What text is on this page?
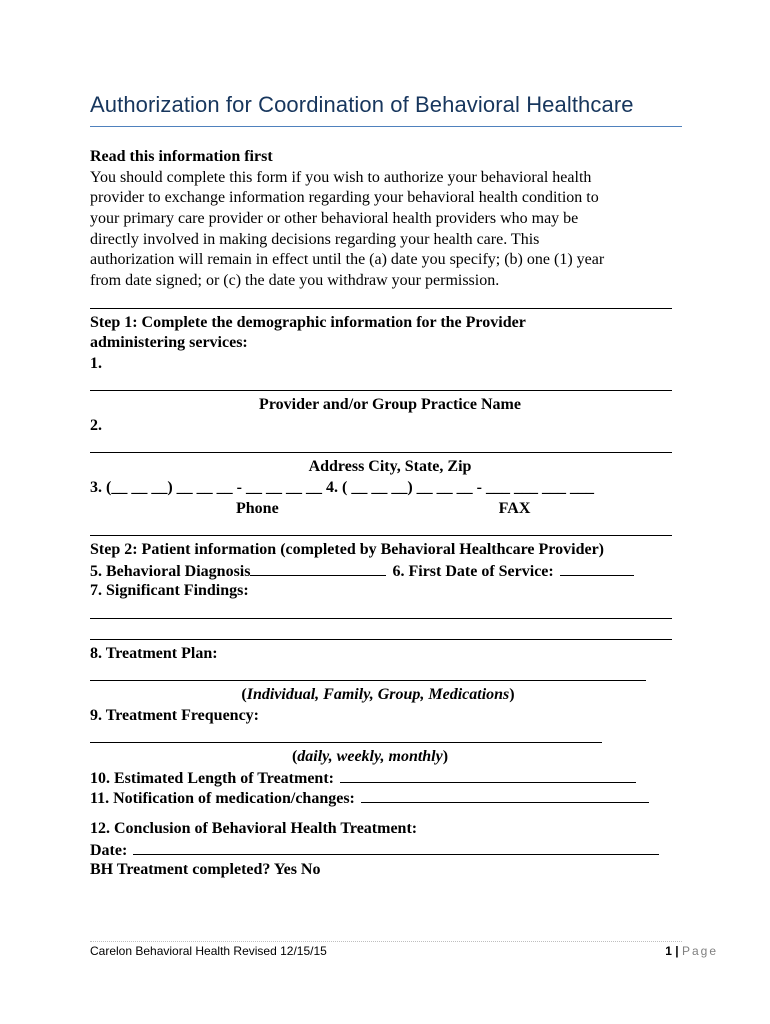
Authorization for Coordination of Behavioral Healthcare
Read this information first
You should complete this form if you wish to authorize your behavioral health
provider to exchange information regarding your behavioral health condition to
your primary care provider or other behavioral health providers who may be
directly involved in making decisions regarding your health care. This
authorization will remain in effect until the (a) date you specify; (b) one (1) year
from date signed; or (c) the date you withdraw your permission.
Step 1: Complete the demographic information for the Provider
administering services:
1.
Provider and/or Group Practice Name
2.
Address City, State, Zip
3. (__ __ __) __ __ __ - __ __ __ __ 4. ( __ __ __) __ __ __ - ___ ___ ___ ___
Phone	FAX
Step 2: Patient information (completed by Behavioral Healthcare Provider)
5. Behavioral Diagnosis	6. First Date of Service:
7. Significant Findings:
8. Treatment Plan:
(Individual, Family, Group, Medications)
9. Treatment Frequency:
(daily, weekly, monthly)
10. Estimated Length of Treatment:
11. Notification of medication/changes:
12. Conclusion of Behavioral Health Treatment:
Date:
BH Treatment completed? Yes No
Carelon Behavioral Health Revised 12/15/15	1 | Page
